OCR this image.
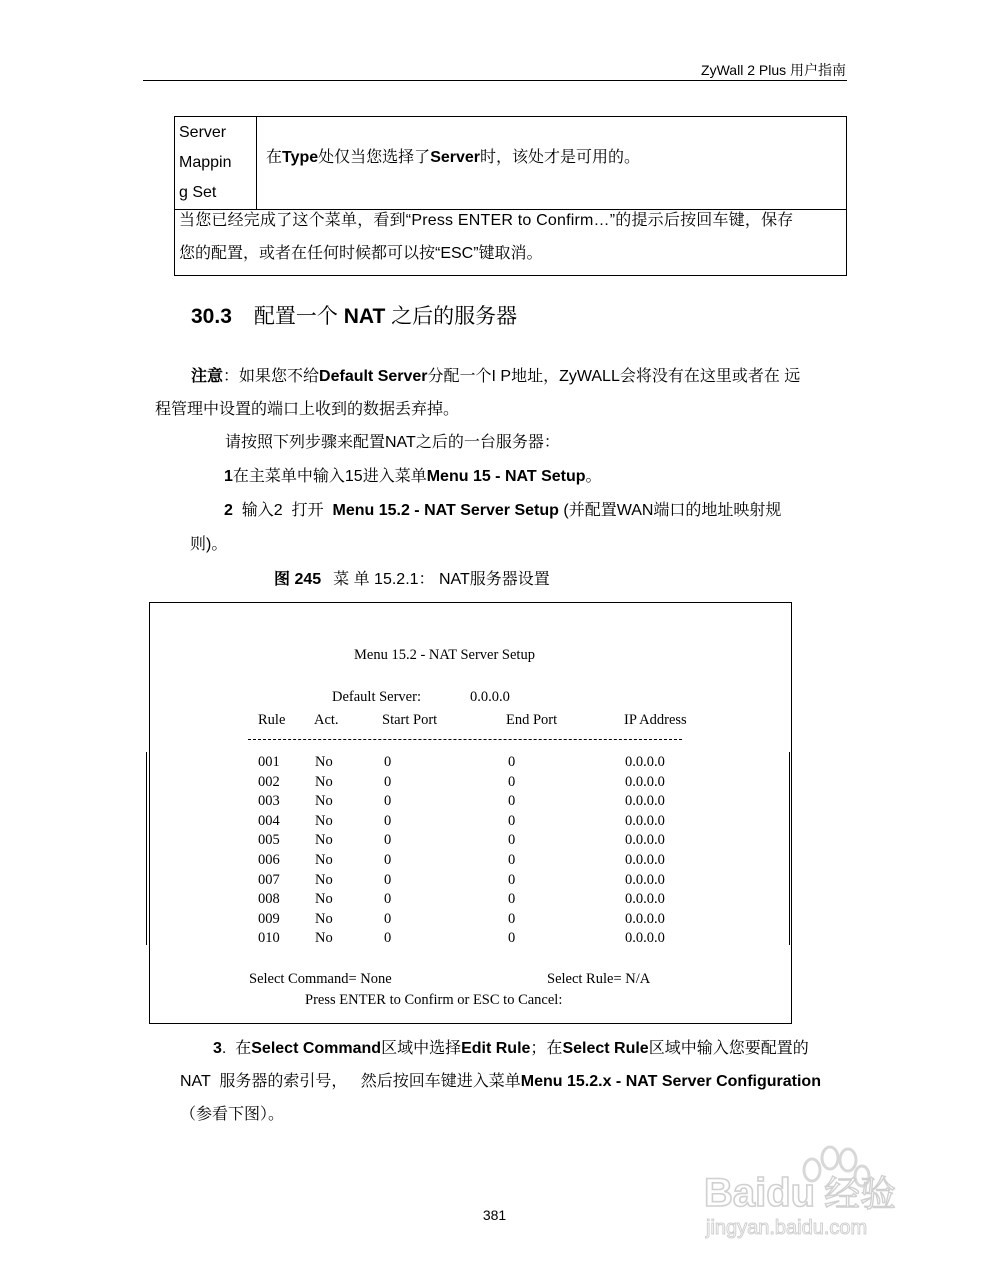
ZyWall 2 Plus 用户指南
Server
Mappin
g Set
在Type处仅当您选择了Server时，该处才是可用的。
当您已经完成了这个菜单，看到“Press ENTER to Confirm…”的提示后按回车键，保存
您的配置，或者在任何时候都可以按“ESC”键取消。
30.3 配置一个 NAT 之后的服务器
注意：如果您不给Default Server分配一个I P地址，ZyWALL会将没有在这里或者在 远
程管理中设置的端口上收到的数据丢弃掉。
请按照下列步骤来配置NAT之后的一台服务器：
1在主菜单中输入15进入菜单Menu 15 - NAT Setup。
2  输入2  打开  Menu 15.2 - NAT Server Setup (并配置WAN端口的地址映射规
则)。
图 245 菜 单 15.2.1： NAT服务器设置
Menu 15.2 - NAT Server Setup
Default Server:	0.0.0.0
Rule Act.	Start Port	End Port	IP Address
001 No	0	0	0.0.0.0
002 No	0	0	0.0.0.0
003 No	0	0	0.0.0.0
004 No	0	0	0.0.0.0
005 No	0	0	0.0.0.0
006 No	0	0	0.0.0.0
007 No	0	0	0.0.0.0
008 No	0	0	0.0.0.0
009 No	0	0	0.0.0.0
010 No	0	0	0.0.0.0
Select Command= None	Select Rule= N/A
Press ENTER to Confirm or ESC to Cancel:
3.  在Select Command区域中选择Edit Rule；在Select Rule区域中输入您要配置的
NAT  服务器的索引号，   然后按回车键进入菜单Menu 15.2.x - NAT Server Configuration
（参看下图）。
381	Baidu 经验
jingyan.baidu.com
